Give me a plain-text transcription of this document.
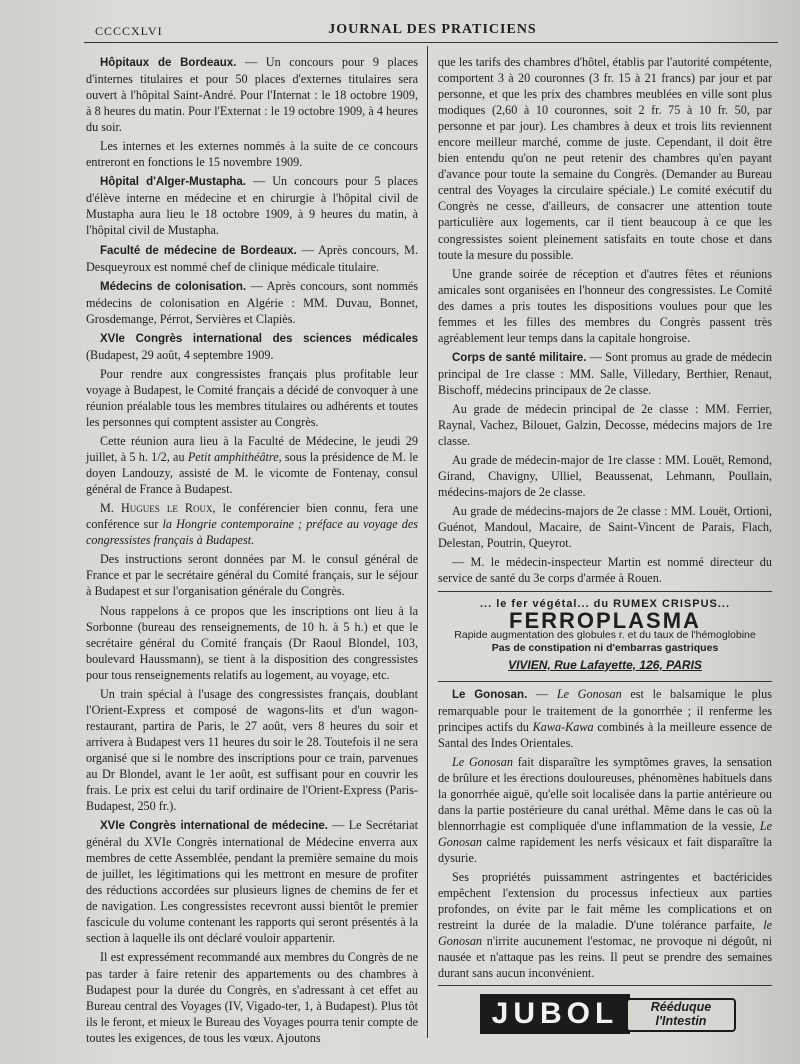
CCCCXLVI	JOURNAL DES PRATICIENS

Hôpitaux de Bordeaux. — Un concours pour 9 places d'internes titulaires et pour 50 places d'externes titulaires sera ouvert à l'hôpital Saint-André. Pour l'Internat : le 18 octobre 1909, à 8 heures du matin. Pour l'Externat : le 19 octobre 1909, à 4 heures du soir.

Les internes et les externes nommés à la suite de ce concours entreront en fonctions le 15 novembre 1909.

Hôpital d'Alger-Mustapha. — Un concours pour 5 places d'élève interne en médecine et en chirurgie à l'hôpital civil de Mustapha aura lieu le 18 octobre 1909, à 9 heures du matin, à l'hôpital civil de Mustapha.

Faculté de médecine de Bordeaux. — Après concours, M. Desqueyroux est nommé chef de clinique médicale titulaire.

Médecins de colonisation. — Après concours, sont nommés médecins de colonisation en Algérie : MM. Duvau, Bonnet, Grosdemange, Pérrot, Servières et Clapiès.

XVIe Congrès international des sciences médicales (Budapest, 29 août, 4 septembre 1909.

Pour rendre aux congressistes français plus profitable leur voyage à Budapest, le Comité français a décidé de convoquer à une réunion préalable tous les membres titulaires ou adhérents et toutes les personnes qui comptent assister au Congrès.

Cette réunion aura lieu à la Faculté de Médecine, le jeudi 29 juillet, à 5 h. 1/2, au Petit amphithéâtre, sous la présidence de M. le doyen Landouzy, assisté de M. le vicomte de Fontenay, consul général de France à Budapest.

M. Hugues le Roux, le conférencier bien connu, fera une conférence sur la Hongrie contemporaine ; préface au voyage des congressistes français à Budapest.

Des instructions seront données par M. le consul général de France et par le secrétaire général du Comité français, sur le séjour à Budapest et sur l'organisation générale du Congrès.

Nous rappelons à ce propos que les inscriptions ont lieu à la Sorbonne (bureau des renseignements, de 10 h. à 5 h.) et que le secrétaire général du Comité français (Dr Raoul Blondel, 103, boulevard Haussmann), se tient à la disposition des congressistes pour tous renseignements relatifs au logement, au voyage, etc.

Un train spécial à l'usage des congressistes français, doublant l'Orient-Express et composé de wagons-lits et d'un wagon-restaurant, partira de Paris, le 27 août, vers 8 heures du soir et arrivera à Budapest vers 11 heures du soir le 28. Toutefois il ne sera organisé que si le nombre des inscriptions pour ce train, parvenues au Dr Blondel, avant le 1er août, est suffisant pour en couvrir les frais. Le prix est celui du tarif ordinaire de l'Orient-Express (Paris-Budapest, 250 fr.).

XVIe Congrès international de médecine. — Le Secrétariat général du XVIe Congrès international de Médecine enverra aux membres de cette Assemblée, pendant la première semaine du mois de juillet, les légitimations qui les mettront en mesure de profiter des réductions accordées sur plusieurs lignes de chemins de fer et de navigation. Les congressistes recevront aussi bientôt le premier fascicule du volume contenant les rapports qui seront présentés à la section à laquelle ils ont déclaré vouloir appartenir.

Il est expressément recommandé aux membres du Congrès de ne pas tarder à faire retenir des appartements ou des chambres à Budapest pour la durée du Congrès, en s'adressant à cet effet au Bureau central des Voyages (IV, Vigado-ter, 1, à Budapest). Plus tôt ils le feront, et mieux le Bureau des Voyages pourra tenir compte de toutes les exigences, de tous les vœux. Ajoutons

que les tarifs des chambres d'hôtel, établis par l'autorité compétente, comportent 3 à 20 couronnes (3 fr. 15 à 21 francs) par jour et par personne, et que les prix des chambres meublées en ville sont plus modiques (2,60 à 10 couronnes, soit 2 fr. 75 à 10 fr. 50, par personne et par jour). Les chambres à deux et trois lits reviennent encore meilleur marché, comme de juste. Cependant, il doit être bien entendu qu'on ne peut retenir des chambres qu'en payant d'avance pour toute la semaine du Congrès. (Demander au Bureau central des Voyages la circulaire spéciale.) Le comité exécutif du Congrès ne cesse, d'ailleurs, de consacrer une attention toute particulière aux logements, car il tient beaucoup à ce que les congressistes soient pleinement satisfaits en toute chose et dans toute la mesure du possible.

Une grande soirée de réception et d'autres fêtes et réunions amicales sont organisées en l'honneur des congressistes. Le Comité des dames a pris toutes les dispositions voulues pour que les femmes et les filles des membres du Congrès passent très agréablement leur temps dans la capitale hongroise.

Corps de santé militaire. — Sont promus au grade de médecin principal de 1re classe : MM. Salle, Villedary, Berthier, Renaut, Bischoff, médecins principaux de 2e classe.

Au grade de médecin principal de 2e classe : MM. Ferrier, Raynal, Vachez, Bilouet, Galzin, Decosse, médecins majors de 1re classe.

Au grade de médecin-major de 1re classe : MM. Louët, Remond, Girand, Chavigny, Ulliel, Beaussenat, Lehmann, Poullain, médecins-majors de 2e classe.

Au grade de médecins-majors de 2e classe : MM. Louët, Ortioni, Guénot, Mandoul, Macaire, de Saint-Vincent de Parais, Flach, Delestan, Poutrin, Queyrot.

— M. le médecin-inspecteur Martin est nommé directeur du service de santé du 3e corps d'armée à Rouen.

... le fer végétal... du RUMEX CRISPUS...
FERROPLASMA
Rapide augmentation des globules r. et du taux de l'hémoglobine
Pas de constipation ni d'embarras gastriques
VIVIEN, Rue Lafayette, 126, PARIS

Le Gonosan. — Le Gonosan est le balsamique le plus remarquable pour le traitement de la gonorrhée ; il renferme les principes actifs du Kawa-Kawa combinés à la meilleure essence de Santal des Indes Orientales.

Le Gonosan fait disparaître les symptômes graves, la sensation de brûlure et les érections douloureuses, phénomènes habituels dans la gonorrhée aiguë, qu'elle soit localisée dans la partie antérieure ou dans la partie postérieure du canal uréthal. Même dans le cas où la blennorrhagie est compliquée d'une inflammation de la vessie, Le Gonosan calme rapidement les nerfs vésicaux et fait disparaître la dysurie.

Ses propriétés puissamment astringentes et bactéricides empêchent l'extension du processus infectieux aux parties profondes, on évite par le fait même les complications et on restreint la durée de la maladie. D'une tolérance parfaite, le Gonosan n'irrite aucunement l'estomac, ne provoque ni dégoût, ni nausée et n'attaque pas les reins. Il peut se prendre des semaines durant sans aucun inconvénient.

JUBOL	Rééduque
l'Intestin
